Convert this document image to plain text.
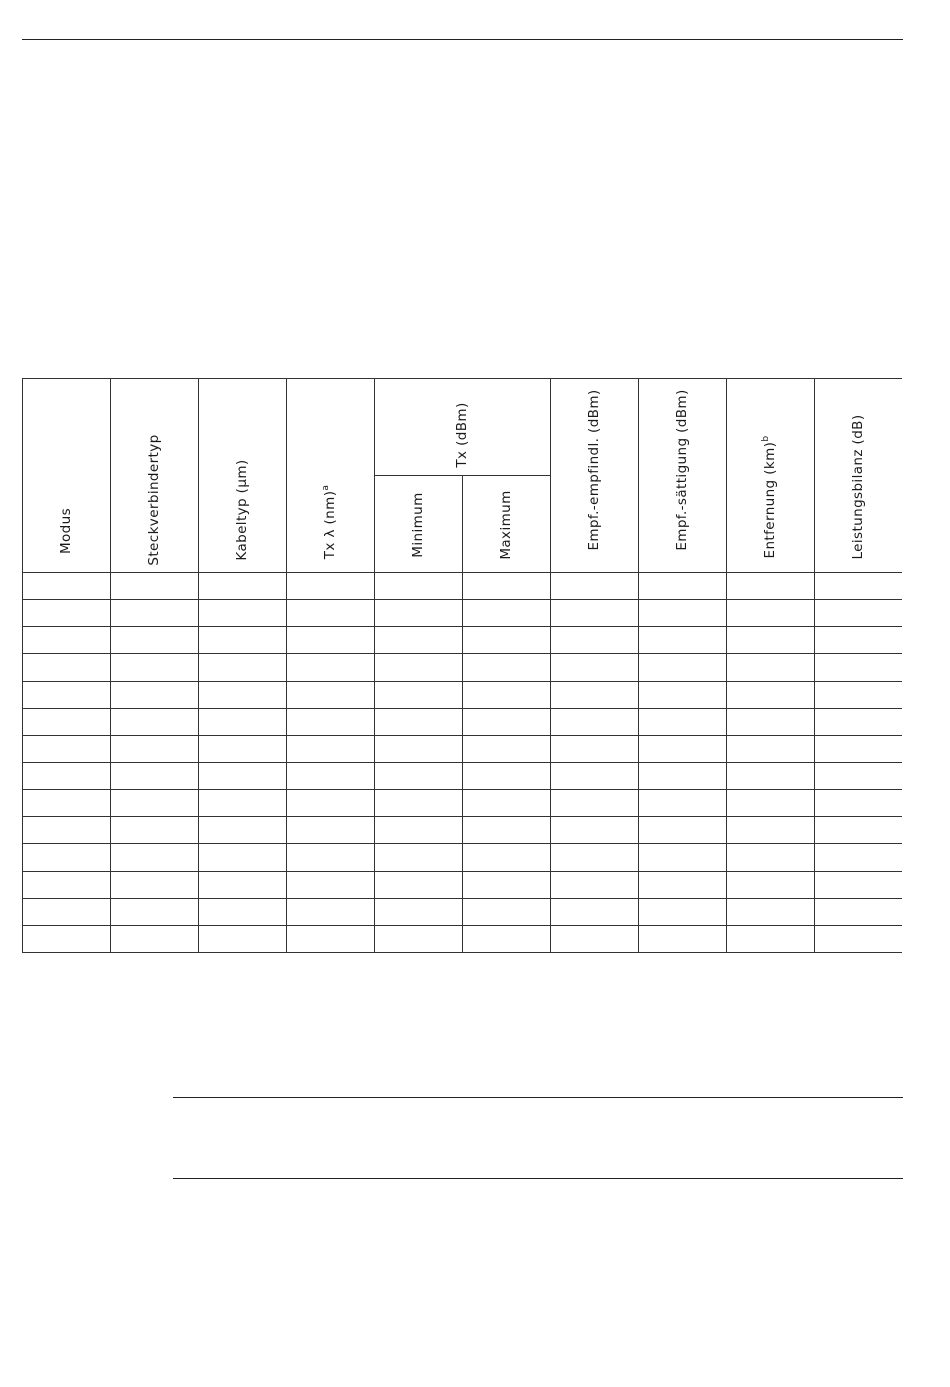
Modus	Steckverbindertyp	Kabeltyp (µm)	Tx λ (nm)$^a$
Tx (dBm)
Minimum	Maximum	Empf.-empfindl. (dBm)	Empf.-sättigung (dBm)	Entfernung (km)$^b$	Leistungsbilanz (dB)
